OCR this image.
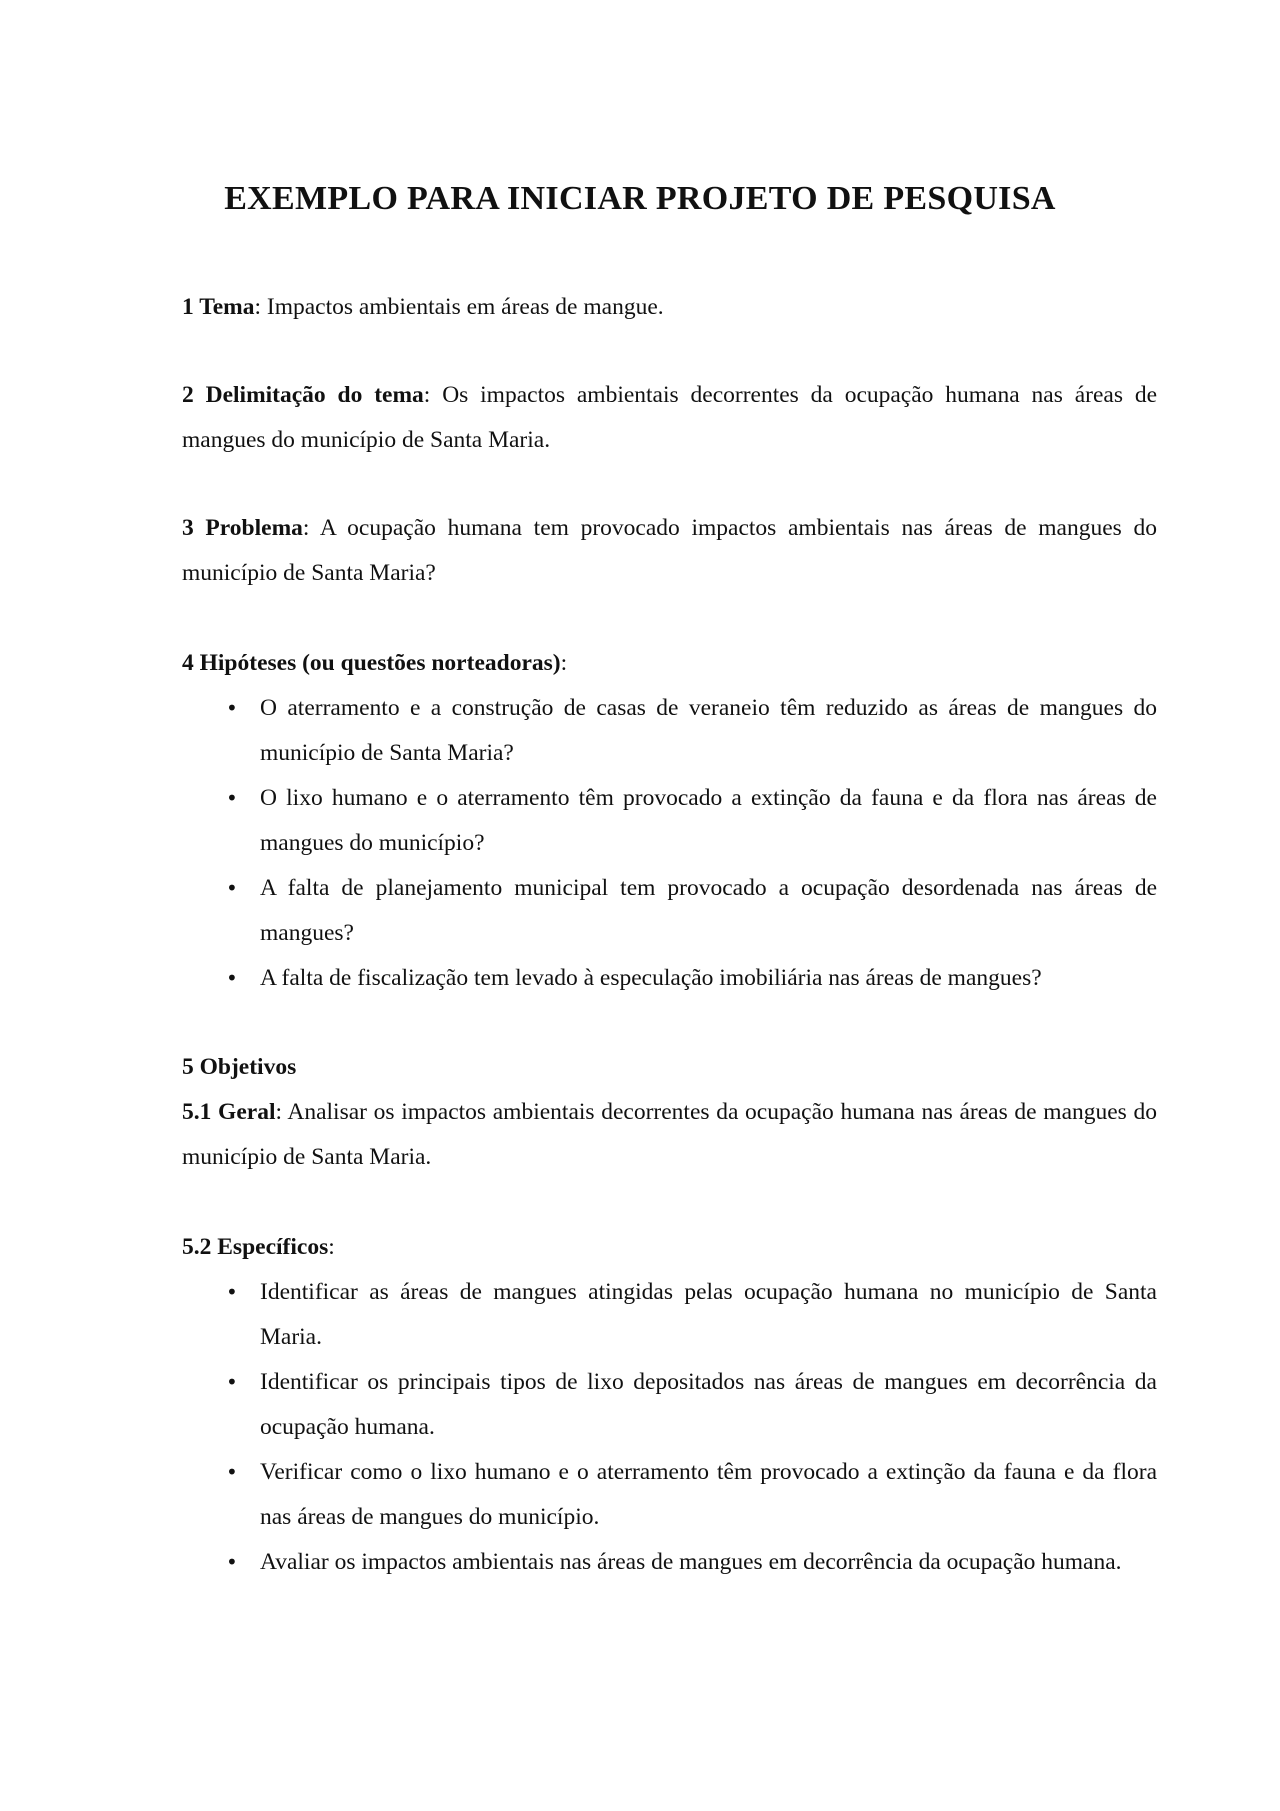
EXEMPLO PARA INICIAR PROJETO DE PESQUISA

1 Tema: Impactos ambientais em áreas de mangue.

2 Delimitação do tema: Os impactos ambientais decorrentes da ocupação humana nas áreas de mangues do município de Santa Maria.

3 Problema: A ocupação humana tem provocado impactos ambientais nas áreas de mangues do município de Santa Maria?

4 Hipóteses (ou questões norteadoras):

• O aterramento e a construção de casas de veraneio têm reduzido as áreas de mangues do município de Santa Maria?
• O lixo humano e o aterramento têm provocado a extinção da fauna e da flora nas áreas de mangues do município?
• A falta de planejamento municipal tem provocado a ocupação desordenada nas áreas de mangues?
• A falta de fiscalização tem levado à especulação imobiliária nas áreas de mangues?

5 Objetivos

5.1 Geral: Analisar os impactos ambientais decorrentes da ocupação humana nas áreas de mangues do município de Santa Maria.

5.2 Específicos:

• Identificar as áreas de mangues atingidas pelas ocupação humana no município de Santa Maria.
• Identificar os principais tipos de lixo depositados nas áreas de mangues em decorrência da ocupação humana.
• Verificar como o lixo humano e o aterramento têm provocado a extinção da fauna e da flora nas áreas de mangues do município.
• Avaliar os impactos ambientais nas áreas de mangues em decorrência da ocupação humana.
